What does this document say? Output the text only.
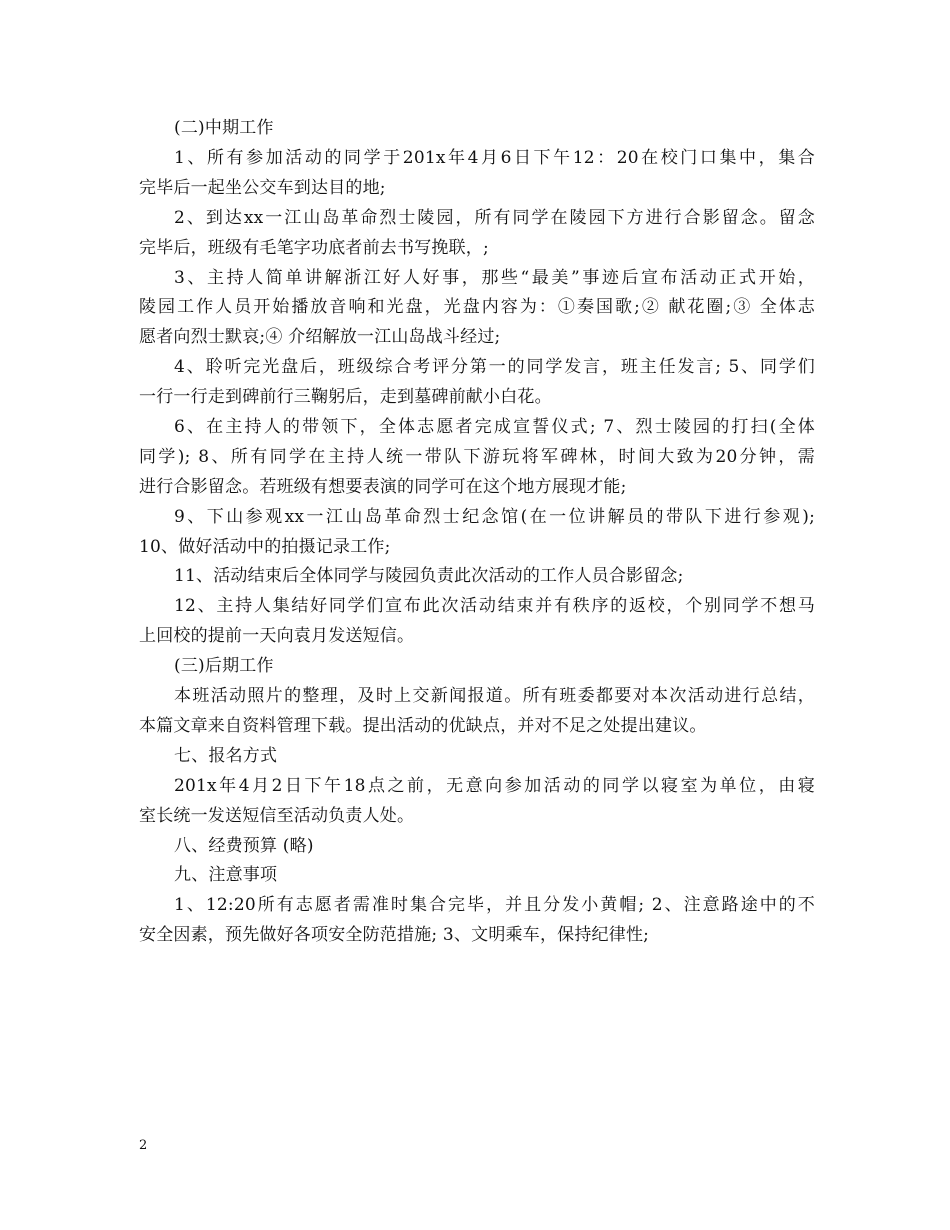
(二)中期工作
1、所有参加活动的同学于201x年4月6日下午12：20在校门口集中，集合
完毕后一起坐公交车到达目的地;
2、到达xx一江山岛革命烈士陵园，所有同学在陵园下方进行合影留念。留念
完毕后，班级有毛笔字功底者前去书写挽联，;
3、主持人简单讲解浙江好人好事，那些“最美”事迹后宣布活动正式开始，
陵园工作人员开始播放音响和光盘，光盘内容为：①奏国歌;② 献花圈;③ 全体志
愿者向烈士默哀;④ 介绍解放一江山岛战斗经过;
4、聆听完光盘后，班级综合考评分第一的同学发言，班主任发言; 5、同学们
一行一行走到碑前行三鞠躬后，走到墓碑前献小白花。
6、在主持人的带领下，全体志愿者完成宣誓仪式; 7、烈士陵园的打扫(全体
同学); 8、所有同学在主持人统一带队下游玩将军碑林，时间大致为20分钟，需
进行合影留念。若班级有想要表演的同学可在这个地方展现才能;
9、下山参观xx一江山岛革命烈士纪念馆(在一位讲解员的带队下进行参观);
10、做好活动中的拍摄记录工作;
11、活动结束后全体同学与陵园负责此次活动的工作人员合影留念;
12、主持人集结好同学们宣布此次活动结束并有秩序的返校，个别同学不想马
上回校的提前一天向袁月发送短信。
(三)后期工作
本班活动照片的整理，及时上交新闻报道。所有班委都要对本次活动进行总结，
本篇文章来自资料管理下载。提出活动的优缺点，并对不足之处提出建议。
七、报名方式
201x年4月2日下午18点之前，无意向参加活动的同学以寝室为单位，由寝
室长统一发送短信至活动负责人处。
八、经费预算 (略)
九、注意事项
1、12:20所有志愿者需准时集合完毕，并且分发小黄帽; 2、注意路途中的不
安全因素，预先做好各项安全防范措施; 3、文明乘车，保持纪律性;
2
